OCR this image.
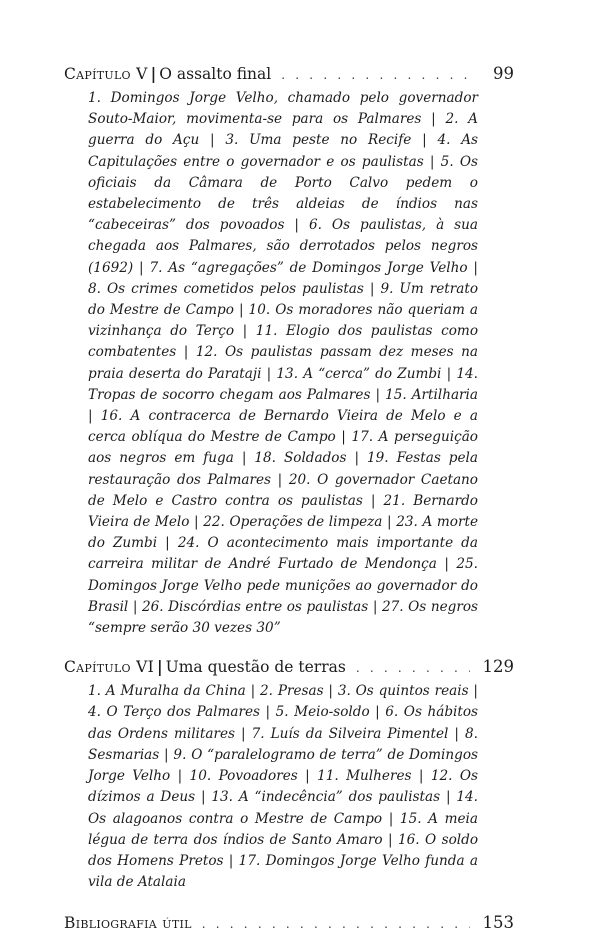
Capítulo V | O assalto final . . .	99

1. Domingos Jorge Velho, chamado pelo governador Souto-Maior, movimenta-se para os Palmares | 2. A guerra do Açu | 3. Uma peste no Recife | 4. As Capitulações entre o governador e os paulistas | 5. Os oficiais da Câmara de Porto Calvo pedem o estabelecimento de três aldeias de índios nas “cabeceiras” dos povoados | 6. Os paulistas, à sua chegada aos Palmares, são derrotados pelos negros (1692) | 7. As “agregações” de Domingos Jorge Velho | 8. Os crimes cometidos pelos paulistas | 9. Um retrato do Mestre de Campo | 10. Os moradores não queriam a vizinhança do Terço | 11. Elogio dos paulistas como combatentes | 12. Os paulistas passam dez meses na praia deserta do Parataji | 13. A “cerca” do Zumbi | 14. Tropas de socorro chegam aos Palmares | 15. Artilharia | 16. A contracerca de Bernardo Vieira de Melo e a cerca oblíqua do Mestre de Campo | 17. A perseguição aos negros em fuga | 18. Soldados | 19. Festas pela restauração dos Palmares | 20. O governador Caetano de Melo e Castro contra os paulistas | 21. Bernardo Vieira de Melo | 22. Operações de limpeza | 23. A morte do Zumbi | 24. O acontecimento mais importante da carreira militar de André Furtado de Mendonça | 25. Domingos Jorge Velho pede munições ao governador do Brasil | 26. Discórdias entre os paulistas | 27. Os negros “sempre serão 30 vezes 30”

Capítulo VI | Uma questão de terras . . .	129

1. A Muralha da China | 2. Presas | 3. Os quintos reais | 4. O Terço dos Palmares | 5. Meio-soldo | 6. Os hábitos das Ordens militares | 7. Luís da Silveira Pimentel | 8. Sesmarias | 9. O “paralelogramo de terra” de Domingos Jorge Velho | 10. Povoadores | 11. Mulheres | 12. Os dízimos a Deus | 13. A “indecência” dos paulistas | 14. Os alagoanos contra o Mestre de Campo | 15. A meia légua de terra dos índios de Santo Amaro | 16. O soldo dos Homens Pretos | 17. Domingos Jorge Velho funda a vila de Atalaia

Bibliografia útil . . .	153
